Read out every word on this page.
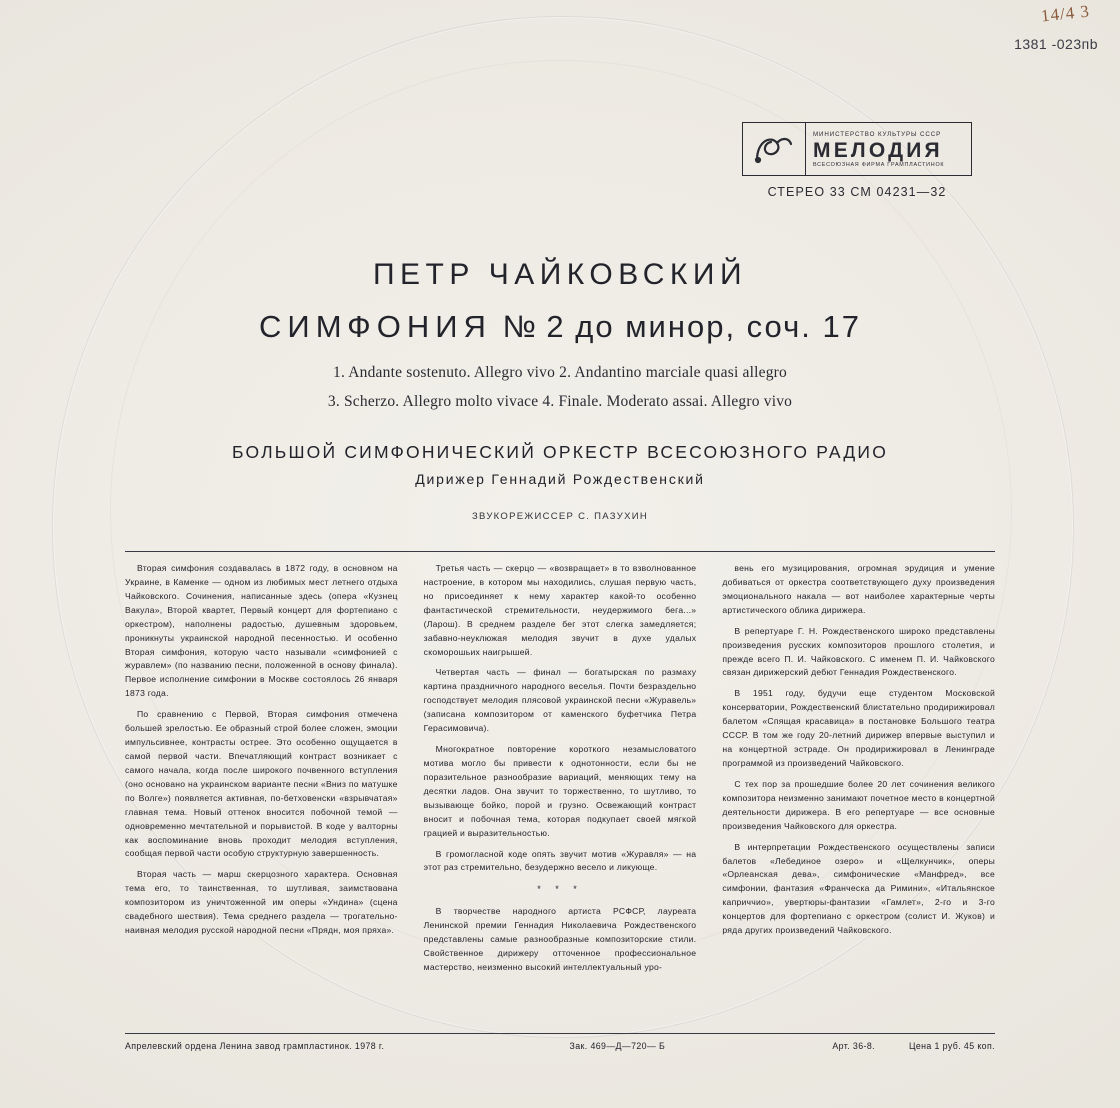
14/4 3
1381 -023пb
МИНИСТЕРСТВО КУЛЬТУРЫ СССР
МЕЛОДИЯ
ВСЕСОЮЗНАЯ ФИРМА ГРАМПЛАСТИНОК
СТЕРЕО 33 СМ 04231—32
ПЕТР ЧАЙКОВСКИЙ
СИМФОНИЯ № 2 до минор, соч. 17
1. Andante sostenuto. Allegro vivo 2. Andantino marciale quasi allegro
3. Scherzo. Allegro molto vivace 4. Finale. Moderato assai. Allegro vivo
БОЛЬШОЙ СИМФОНИЧЕСКИЙ ОРКЕСТР ВСЕСОЮЗНОГО РАДИО
Дирижер Геннадий Рождественский
ЗВУКОРЕЖИССЕР С. ПАЗУХИН

Вторая симфония создавалась в 1872 году, в основном на Украине, в Каменке — одном из любимых мест летнего отдыха Чайковского. Сочинения, написанные здесь (опера «Кузнец Вакула», Второй квартет, Первый концерт для фортепиано с оркестром), наполнены радостью, душевным здоровьем, проникнуты украинской народной песенностью. И особенно Вторая симфония, которую часто называли «симфонией с журавлем» (по названию песни, положенной в основу финала). Первое исполнение симфонии в Москве состоялось 26 января 1873 года.

По сравнению с Первой, Вторая симфония отмечена большей зрелостью. Ее образный строй более сложен, эмоции импульсивнее, контрасты острее. Это особенно ощущается в самой первой части. Впечатляющий контраст возникает с самого начала, когда после широкого почвенного вступления (оно основано на украинском варианте песни «Вниз по матушке по Волге») появляется активная, по-бетховенски «взрывчатая» главная тема. Новый оттенок вносится побочной темой — одновременно мечтательной и порывистой. В коде у валторны как воспоминание вновь проходит мелодия вступления, сообщая первой части особую структурную завершенность.

Вторая часть — марш скерцозного характера. Основная тема его, то таинственная, то шутливая, заимствована композитором из уничтоженной им оперы «Ундина» (сцена свадебного шествия). Тема среднего раздела — трогательно-наивная мелодия русской народной песни «Прядн, моя пряха».

Третья часть — скерцо — «возвращает» в то взволнованное настроение, в котором мы находились, слушая первую часть, но присоединяет к нему характер какой-то особенно фантастической стремительности, неудержимого бега...» (Ларош). В среднем разделе бег этот слегка замедляется; забавно-неуклюжая мелодия звучит в духе удалых скоморошьих наигрышей.

Четвертая часть — финал — богатырская по размаху картина праздничного народного веселья. Почти безраздельно господствует мелодия плясовой украинской песни «Журавель» (записана композитором от каменского буфетчика Петра Герасимовича).

Многократное повторение короткого незамысловатого мотива могло бы привести к однотонности, если бы не поразительное разнообразие вариаций, меняющих тему на десятки ладов. Она звучит то торжественно, то шутливо, то вызывающе бойко, порой и грузно. Освежающий контраст вносит и побочная тема, которая подкупает своей мягкой грацией и выразительностью.

В громогласной коде опять звучит мотив «Журавля» — на этот раз стремительно, безудержно весело и ликующе.

* * *

В творчестве народного артиста РСФСР, лауреата Ленинской премии Геннадия Николаевича Рождественского представлены самые разнообразные композиторские стили. Свойственное дирижеру отточенное профессиональное мастерство, неизменно высокий интеллектуальный уро-

вень его музицирования, огромная эрудиция и умение добиваться от оркестра соответствующего духу произведения эмоционального накала — вот наиболее характерные черты артистического облика дирижера.

В репертуаре Г. Н. Рождественского широко представлены произведения русских композиторов прошлого столетия, и прежде всего П. И. Чайковского. С именем П. И. Чайковского связан дирижерский дебют Геннадия Рождественского.

В 1951 году, будучи еще студентом Московской консерватории, Рождественский блистательно продирижировал балетом «Спящая красавица» в постановке Большого театра СССР. В том же году 20-летний дирижер впервые выступил и на концертной эстраде. Он продирижировал в Ленинграде программой из произведений Чайковского.

С тех пор за прошедшие более 20 лет сочинения великого композитора неизменно занимают почетное место в концертной деятельности дирижера. В его репертуаре — все основные произведения Чайковского для оркестра.

В интерпретации Рождественского осуществлены записи балетов «Лебединое озеро» и «Щелкунчик», оперы «Орлеанская дева», симфонические «Манфред», все симфонии, фантазия «Франческа да Римини», «Итальянское каприччио», увертюры-фантазии «Гамлет», 2-го и 3-го концертов для фортепиано с оркестром (солист И. Жуков) и ряда других произведений Чайковского.

Апрелевский ордена Ленина завод грампластинок. 1978 г.	Зак. 469—Д—720— Б	Арт. 36-8.	Цена 1 руб. 45 коп.
